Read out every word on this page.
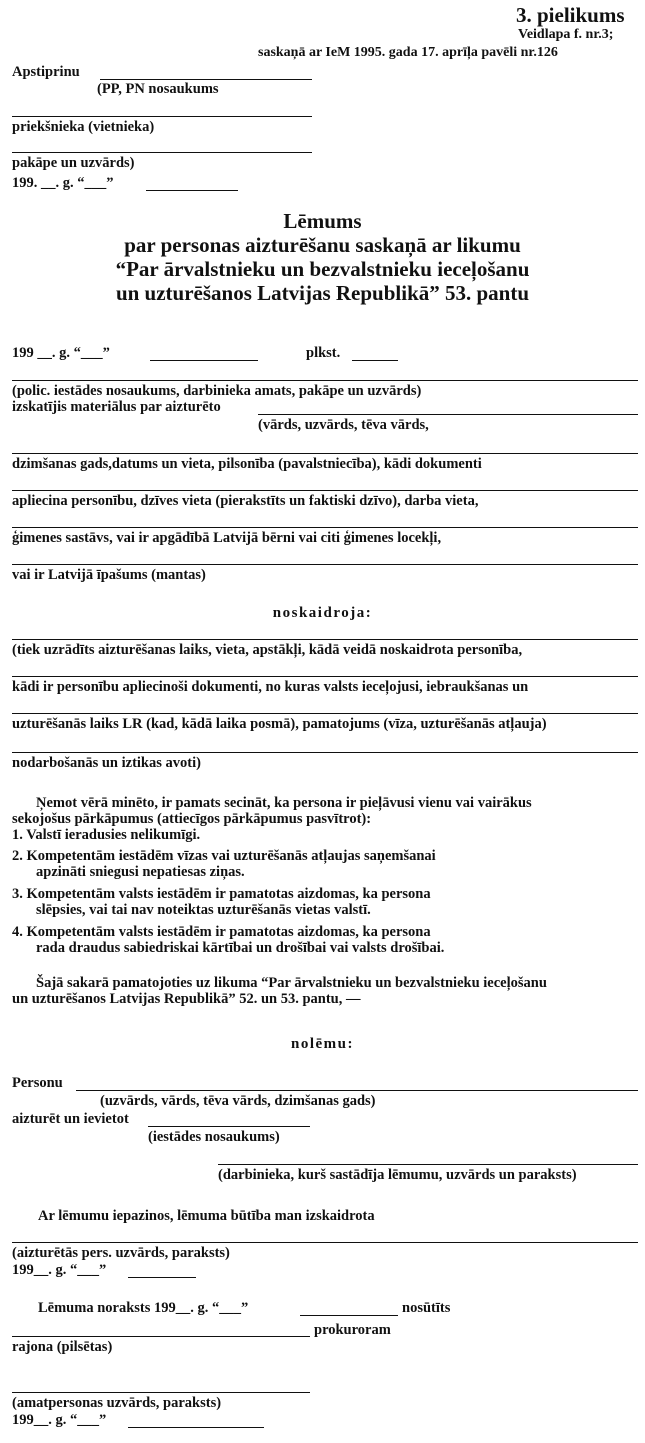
3. pielikums
Veidlapa f. nr.3;
saskaņā ar IeM 1995. gada 17. aprīļa pavēli nr.126
Apstiprinu
(PP, PN nosaukums
priekšnieka (vietnieka)
pakāpe un uzvārds)
199. __. g. “___”
Lēmums
par personas aizturēšanu saskaņā ar likumu
“Par ārvalstnieku un bezvalstnieku ieceļošanu
un uzturēšanos Latvijas Republikā” 53. pantu
199 __. g. “___”	plkst.
(polic. iestādes nosaukums, darbinieka amats, pakāpe un uzvārds)
izskatījis materiālus par aizturēto
(vārds, uzvārds, tēva vārds,
dzimšanas gads,datums un vieta, pilsonība (pavalstniecība), kādi dokumenti
apliecina personību, dzīves vieta (pierakstīts un faktiski dzīvo), darba vieta,
ģimenes sastāvs, vai ir apgādībā Latvijā bērni vai citi ģimenes locekļi,
vai ir Latvijā īpašums (mantas)
noskaidroja:
(tiek uzrādīts aizturēšanas laiks, vieta, apstākļi, kādā veidā noskaidrota personība,
kādi ir personību apliecinoši dokumenti, no kuras valsts ieceļojusi, iebraukšanas un
uzturēšanās laiks LR (kad, kādā laika posmā), pamatojums (vīza, uzturēšanās atļauja)
nodarbošanās un iztikas avoti)
Ņemot vērā minēto, ir pamats secināt, ka persona ir pieļāvusi vienu vai vairākus
sekojošus pārkāpumus (attiecīgos pārkāpumus pasvītrot):
1. Valstī ieradusies nelikumīgi.
2. Kompetentām iestādēm vīzas vai uzturēšanās atļaujas saņemšanai
apzināti sniegusi nepatiesas ziņas.
3. Kompetentām valsts iestādēm ir pamatotas aizdomas, ka persona
slēpsies, vai tai nav noteiktas uzturēšanās vietas valstī.
4. Kompetentām valsts iestādēm ir pamatotas aizdomas, ka persona
rada draudus sabiedriskai kārtībai un drošībai vai valsts drošībai.
Šajā sakarā pamatojoties uz likuma “Par ārvalstnieku un bezvalstnieku ieceļošanu
un uzturēšanos Latvijas Republikā” 52. un 53. pantu, —
nolēmu:
Personu
(uzvārds, vārds, tēva vārds, dzimšanas gads)
aizturēt un ievietot
(iestādes nosaukums)
(darbinieka, kurš sastādīja lēmumu, uzvārds un paraksts)
Ar lēmumu iepazinos, lēmuma būtība man izskaidrota
(aizturētās pers. uzvārds, paraksts)
199__. g. “___”
Lēmuma noraksts 199__. g. “___”	nosūtīts
prokuroram
rajona (pilsētas)
(amatpersonas uzvārds, paraksts)
199__. g. “___”
